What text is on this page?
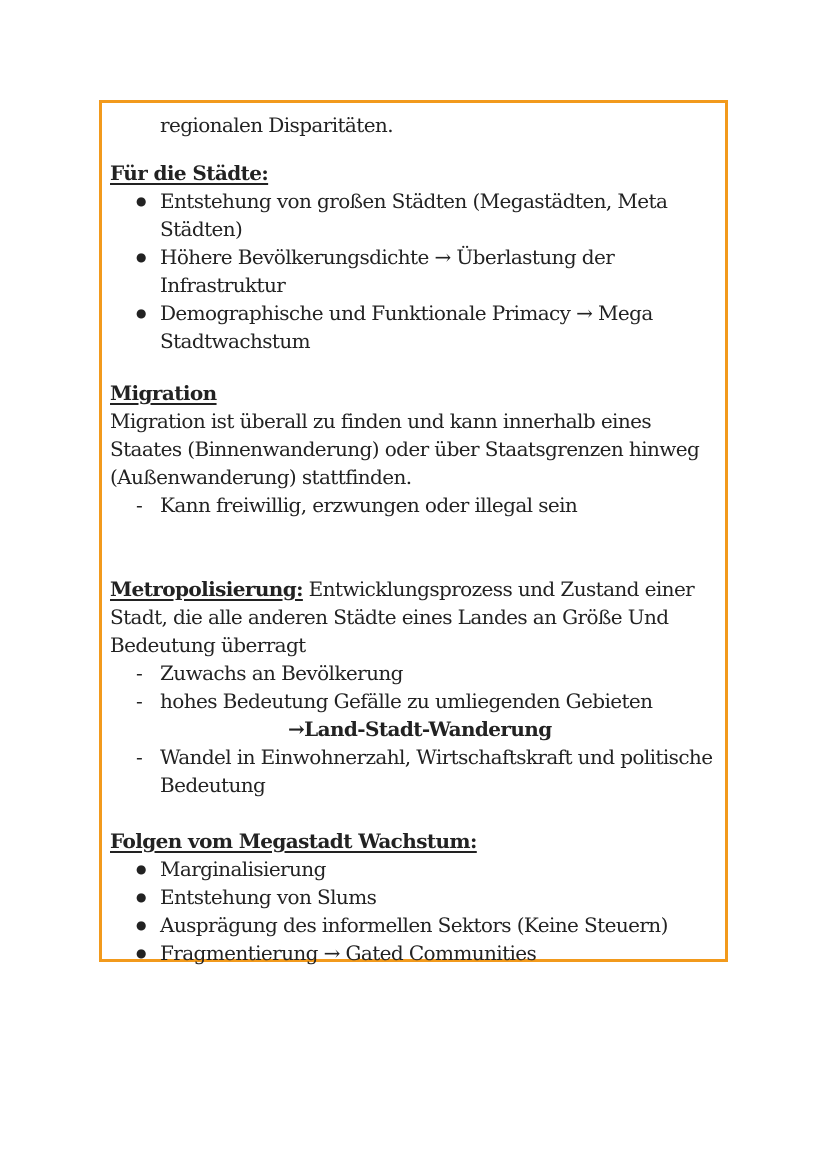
regionalen Disparitäten.
Für die Städte:
● Entstehung von großen Städten (Megastädten, Meta
Städten)
● Höhere Bevölkerungsdichte → Überlastung der
Infrastruktur
● Demographische und Funktionale Primacy → Mega
Stadtwachstum
Migration
Migration ist überall zu finden und kann innerhalb eines
Staates (Binnenwanderung) oder über Staatsgrenzen hinweg
(Außenwanderung) stattfinden.
- Kann freiwillig, erzwungen oder illegal sein
Metropolisierung: Entwicklungsprozess und Zustand einer
Stadt, die alle anderen Städte eines Landes an Größe Und
Bedeutung überragt
- Zuwachs an Bevölkerung
- hohes Bedeutung Gefälle zu umliegenden Gebieten
→Land-Stadt-Wanderung
- Wandel in Einwohnerzahl, Wirtschaftskraft und politische
Bedeutung
Folgen vom Megastadt Wachstum:
● Marginalisierung
● Entstehung von Slums
● Ausprägung des informellen Sektors (Keine Steuern)
● Fragmentierung → Gated Communities
